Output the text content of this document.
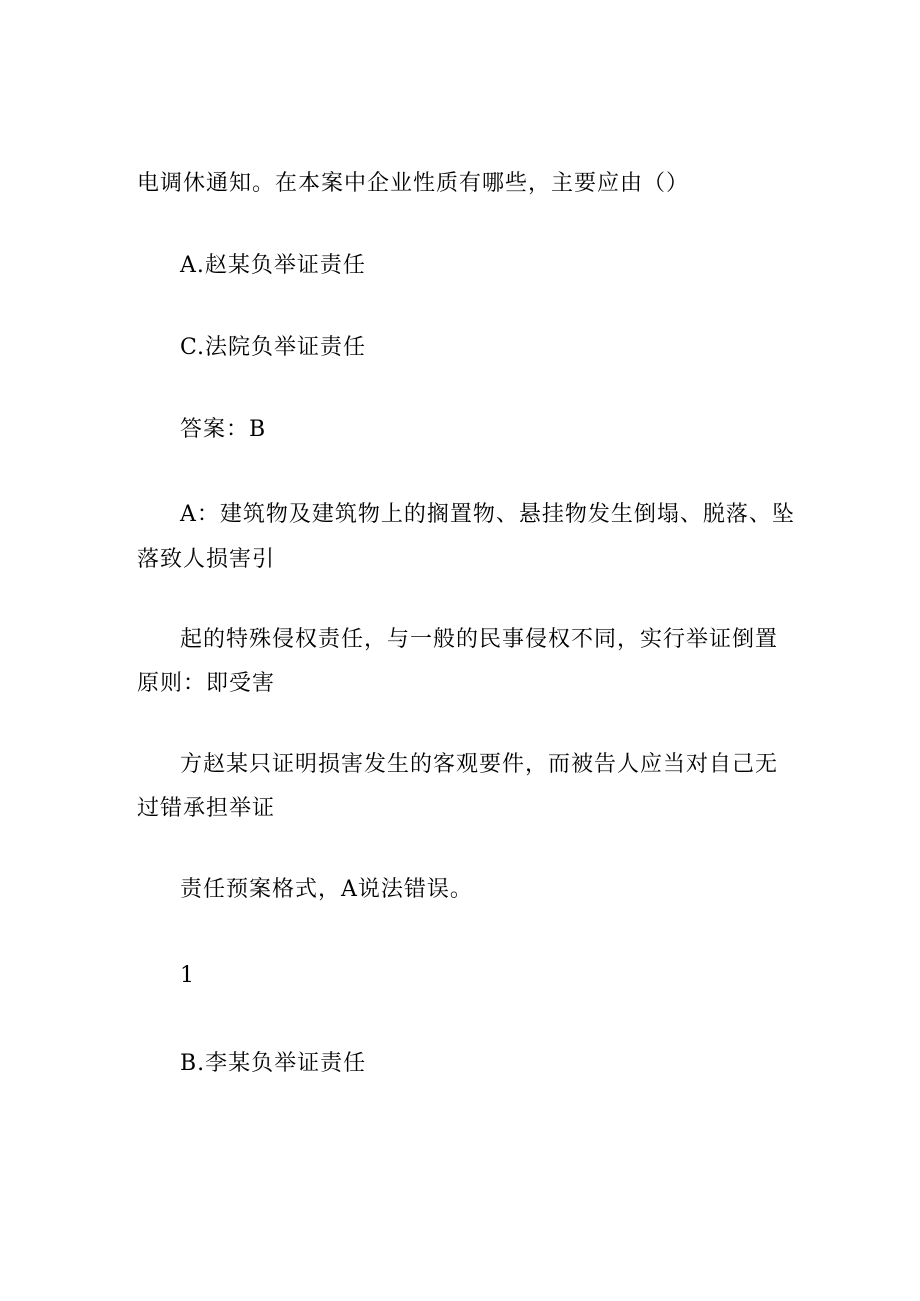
电调休通知。在本案中企业性质有哪些，主要应由（）

A.赵某负举证责任

C.法院负举证责任

答案：B

A：建筑物及建筑物上的搁置物、悬挂物发生倒塌、脱落、坠

落致人损害引

起的特殊侵权责任，与一般的民事侵权不同，实行举证倒置

原则：即受害

方赵某只证明损害发生的客观要件，而被告人应当对自己无

过错承担举证

责任预案格式，A说法错误。

1

B.李某负举证责任
